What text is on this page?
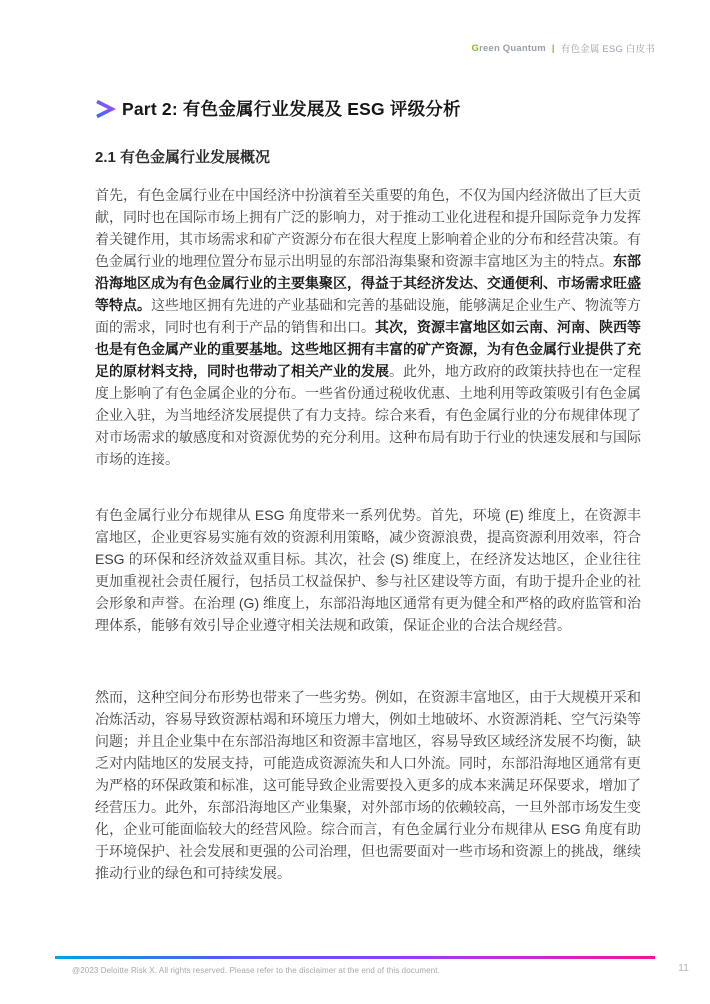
Green Quantum | 有色金属 ESG 白皮书
Part 2: 有色金属行业发展及 ESG 评级分析
2.1 有色金属行业发展概况

首先，有色金属行业在中国经济中扮演着至关重要的角色，不仅为国内经济做出了巨大贡献，同时也在国际市场上拥有广泛的影响力，对于推动工业化进程和提升国际竞争力发挥着关键作用，其市场需求和矿产资源分布在很大程度上影响着企业的分布和经营决策。有色金属行业的地理位置分布显示出明显的东部沿海集聚和资源丰富地区为主的特点。东部沿海地区成为有色金属行业的主要集聚区，得益于其经济发达、交通便利、市场需求旺盛等特点。这些地区拥有先进的产业基础和完善的基础设施，能够满足企业生产、物流等方面的需求，同时也有利于产品的销售和出口。其次，资源丰富地区如云南、河南、陕西等也是有色金属产业的重要基地。这些地区拥有丰富的矿产资源，为有色金属行业提供了充足的原材料支持，同时也带动了相关产业的发展。此外，地方政府的政策扶持也在一定程度上影响了有色金属企业的分布。一些省份通过税收优惠、土地利用等政策吸引有色金属企业入驻，为当地经济发展提供了有力支持。综合来看，有色金属行业的分布规律体现了对市场需求的敏感度和对资源优势的充分利用。这种布局有助于行业的快速发展和与国际市场的连接。

有色金属行业分布规律从 ESG 角度带来一系列优势。首先，环境 (E) 维度上，在资源丰富地区，企业更容易实施有效的资源利用策略，减少资源浪费，提高资源利用效率，符合 ESG 的环保和经济效益双重目标。其次，社会 (S) 维度上，在经济发达地区，企业往往更加重视社会责任履行，包括员工权益保护、参与社区建设等方面，有助于提升企业的社会形象和声誉。在治理 (G) 维度上，东部沿海地区通常有更为健全和严格的政府监管和治理体系，能够有效引导企业遵守相关法规和政策，保证企业的合法合规经营。

然而，这种空间分布形势也带来了一些劣势。例如，在资源丰富地区，由于大规模开采和冶炼活动，容易导致资源枯竭和环境压力增大，例如土地破坏、水资源消耗、空气污染等问题；并且企业集中在东部沿海地区和资源丰富地区，容易导致区域经济发展不均衡，缺乏对内陆地区的发展支持，可能造成资源流失和人口外流。同时，东部沿海地区通常有更为严格的环保政策和标准，这可能导致企业需要投入更多的成本来满足环保要求，增加了经营压力。此外，东部沿海地区产业集聚，对外部市场的依赖较高，一旦外部市场发生变化，企业可能面临较大的经营风险。综合而言，有色金属行业分布规律从 ESG 角度有助于环境保护、社会发展和更强的公司治理，但也需要面对一些市场和资源上的挑战，继续推动行业的绿色和可持续发展。

@2023 Deloitte Risk X. All rights reserved. Please refer to the disclaimer at the end of this document.	11
